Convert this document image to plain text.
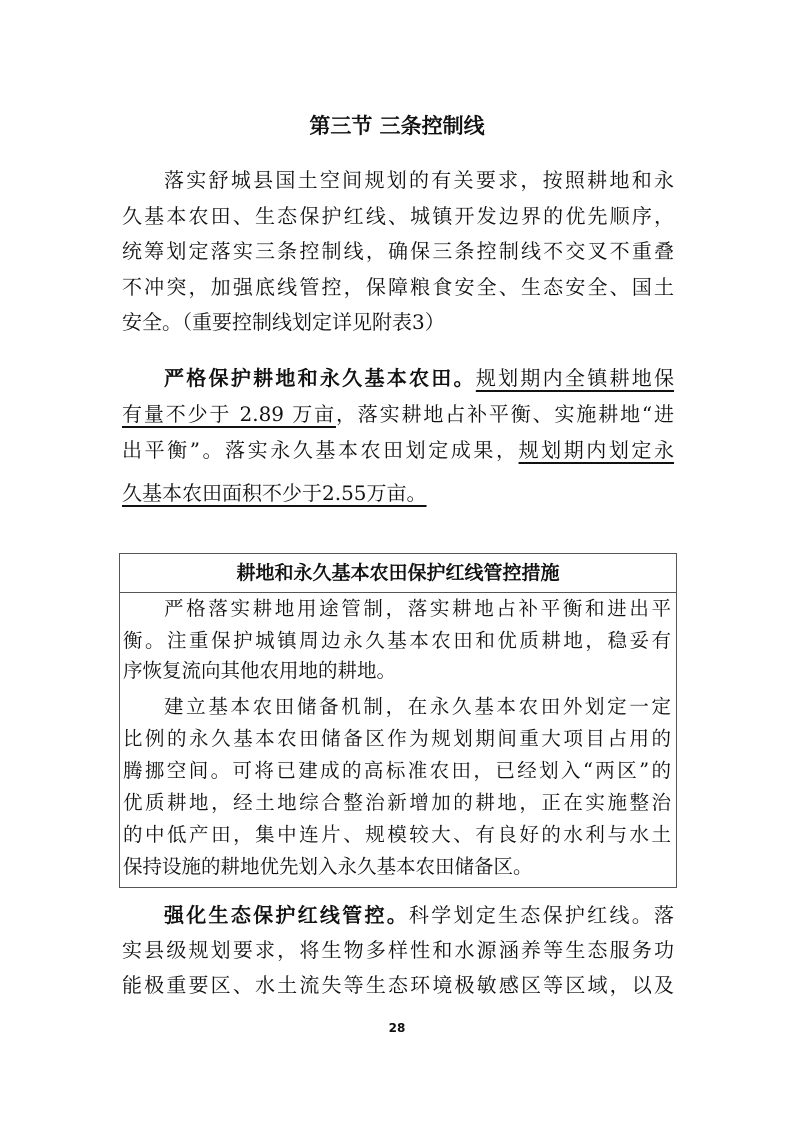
第三节 三条控制线
落实舒城县国土空间规划的有关要求，按照耕地和永
久基本农田、生态保护红线、城镇开发边界的优先顺序，
统筹划定落实三条控制线，确保三条控制线不交叉不重叠
不冲突，加强底线管控，保障粮食安全、生态安全、国土
安全。（重要控制线划定详见附表3）
严格保护耕地和永久基本农田。规划期内全镇耕地保
有量不少于 2.89 万亩，落实耕地占补平衡、实施耕地“进
出平衡”。落实永久基本农田划定成果，规划期内划定永
久基本农田面积不少于2.55万亩。
耕地和永久基本农田保护红线管控措施
严格落实耕地用途管制，落实耕地占补平衡和进出平
衡。注重保护城镇周边永久基本农田和优质耕地，稳妥有
序恢复流向其他农用地的耕地。
建立基本农田储备机制，在永久基本农田外划定一定
比例的永久基本农田储备区作为规划期间重大项目占用的
腾挪空间。可将已建成的高标准农田，已经划入“两区”的
优质耕地，经土地综合整治新增加的耕地，正在实施整治
的中低产田，集中连片、规模较大、有良好的水利与水土
保持设施的耕地优先划入永久基本农田储备区。
强化生态保护红线管控。科学划定生态保护红线。落
实县级规划要求，将生物多样性和水源涵养等生态服务功
能极重要区、水土流失等生态环境极敏感区等区域，以及
28
